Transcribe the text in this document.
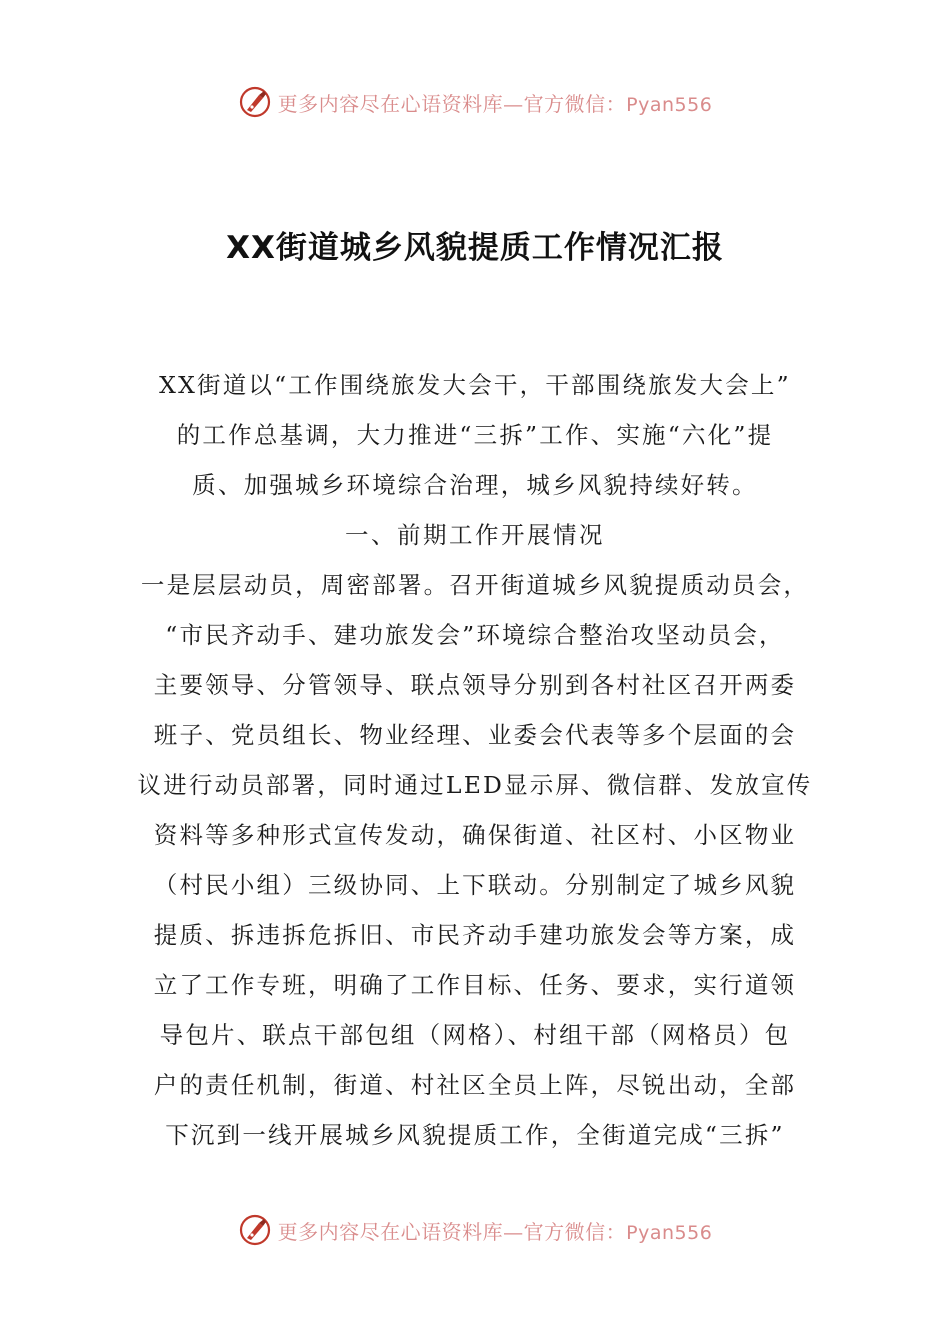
更多内容尽在心语资料库—官方微信：Pyan556
XX街道城乡风貌提质工作情况汇报
XX街道以“工作围绕旅发大会干，干部围绕旅发大会上”
的工作总基调，大力推进“三拆”工作、实施“六化”提
质、加强城乡环境综合治理，城乡风貌持续好转。
一、前期工作开展情况
一是层层动员，周密部署。召开街道城乡风貌提质动员会，
“市民齐动手、建功旅发会”环境综合整治攻坚动员会，
主要领导、分管领导、联点领导分别到各村社区召开两委
班子、党员组长、物业经理、业委会代表等多个层面的会
议进行动员部署，同时通过LED显示屏、微信群、发放宣传
资料等多种形式宣传发动，确保街道、社区村、小区物业
（村民小组）三级协同、上下联动。分别制定了城乡风貌
提质、拆违拆危拆旧、市民齐动手建功旅发会等方案，成
立了工作专班，明确了工作目标、任务、要求，实行道领
导包片、联点干部包组（网格）、村组干部（网格员）包
户的责任机制，街道、村社区全员上阵，尽锐出动，全部
下沉到一线开展城乡风貌提质工作，全街道完成“三拆”
更多内容尽在心语资料库—官方微信：Pyan556
